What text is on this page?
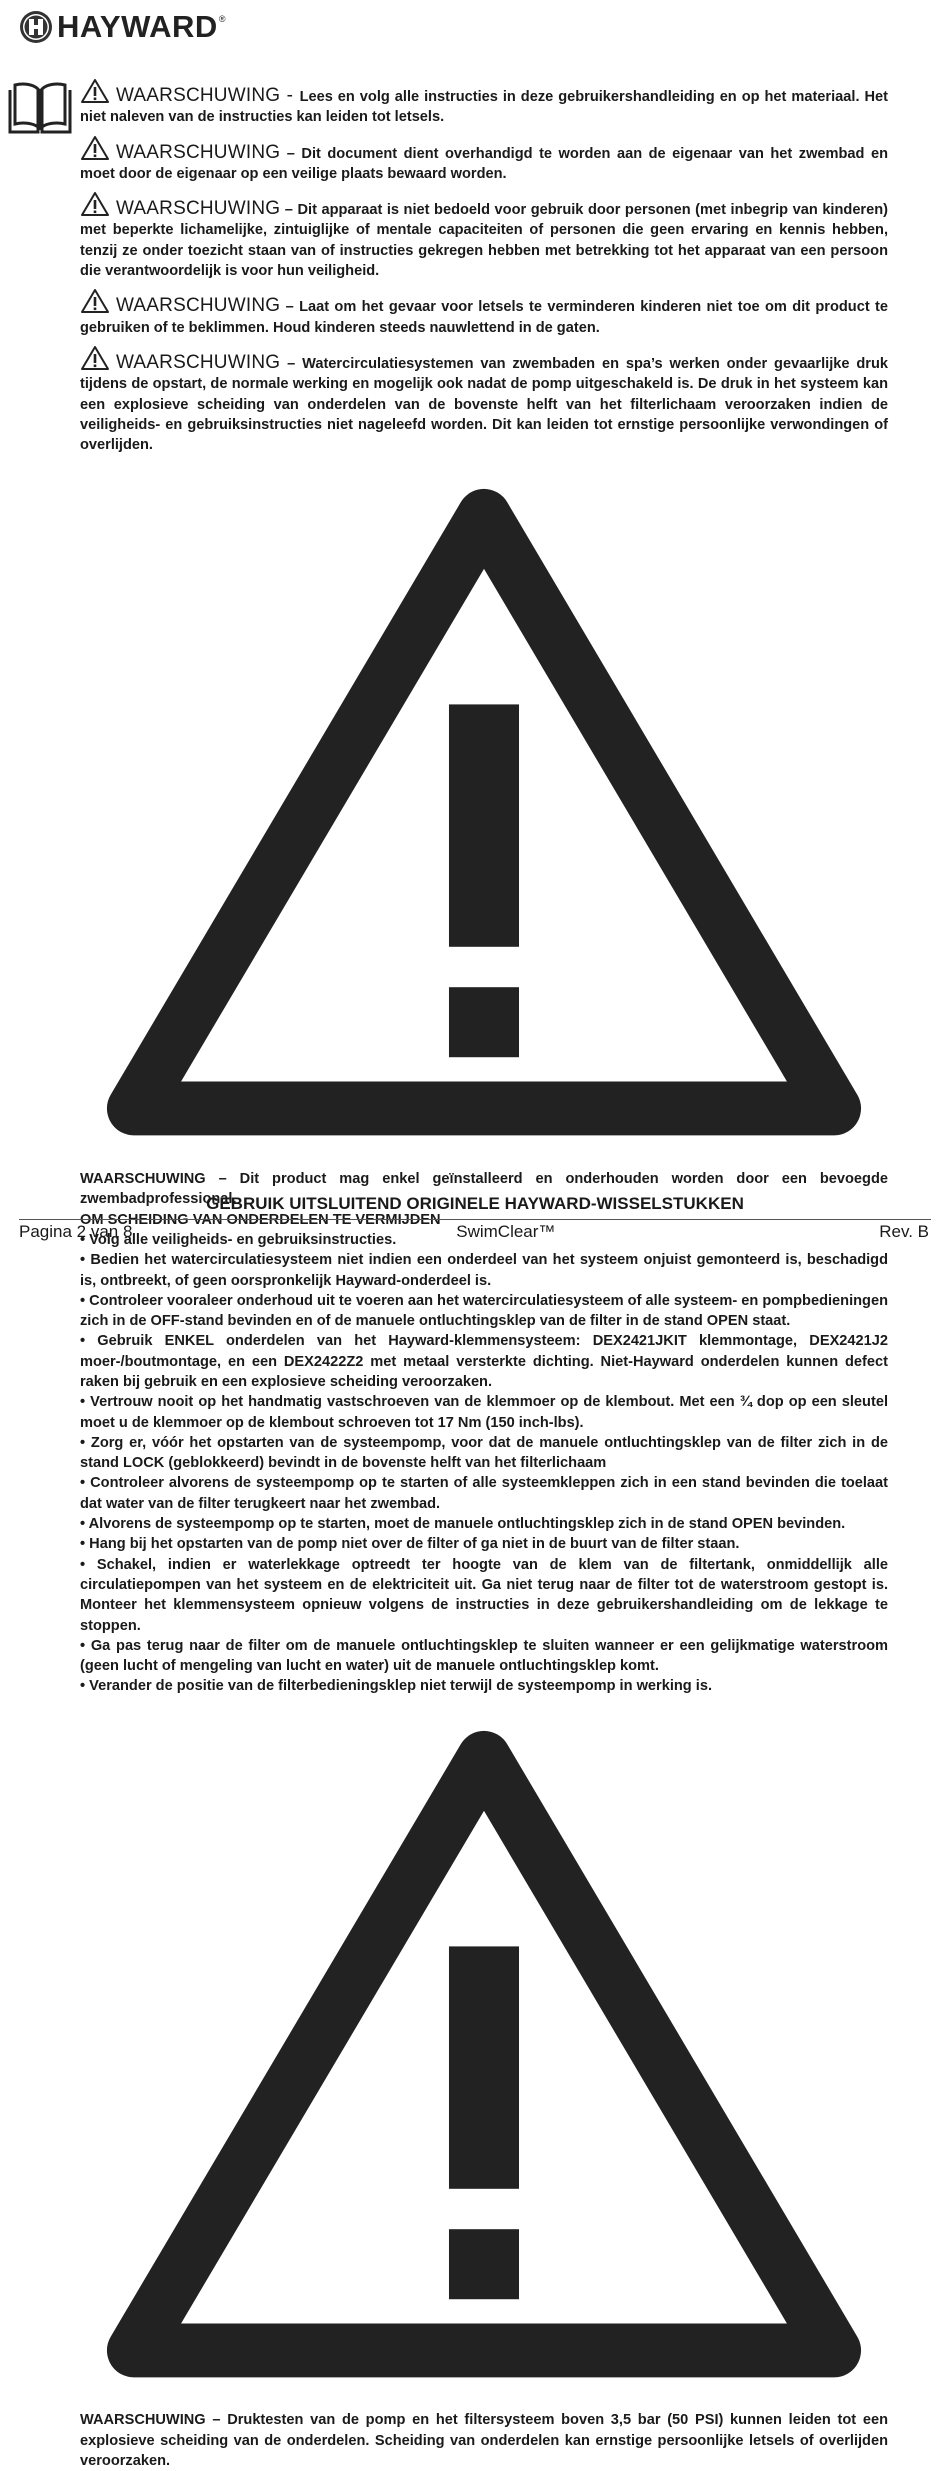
HAYWARD ®

WAARSCHUWING - Lees en volg alle instructies in deze gebruikershandleiding en op het materiaal. Het niet naleven van de instructies kan leiden tot letsels.

WAARSCHUWING – Dit document dient overhandigd te worden aan de eigenaar van het zwembad en moet door de eigenaar op een veilige plaats bewaard worden.

WAARSCHUWING – Dit apparaat is niet bedoeld voor gebruik door personen (met inbegrip van kinderen) met beperkte lichamelijke, zintuiglijke of mentale capaciteiten of personen die geen ervaring en kennis hebben, tenzij ze onder toezicht staan van of instructies gekregen hebben met betrekking tot het apparaat van een persoon die verantwoordelijk is voor hun veiligheid.

WAARSCHUWING – Laat om het gevaar voor letsels te verminderen kinderen niet toe om dit product te gebruiken of te beklimmen. Houd kinderen steeds nauwlettend in de gaten.

WAARSCHUWING – Watercirculatiesystemen van zwembaden en spa’s werken onder gevaarlijke druk tijdens de opstart, de normale werking en mogelijk ook nadat de pomp uitgeschakeld is. De druk in het systeem kan een explosieve scheiding van onderdelen van de bovenste helft van het filterlichaam veroorzaken indien de veiligheids- en gebruiksinstructies niet nageleefd worden. Dit kan leiden tot ernstige persoonlijke verwondingen of overlijden.

WAARSCHUWING – Dit product mag enkel geïnstalleerd en onderhouden worden door een bevoegde zwembadprofessional.

OM SCHEIDING VAN ONDERDELEN TE VERMIJDEN

• Volg alle veiligheids- en gebruiksinstructies.

• Bedien het watercirculatiesysteem niet indien een onderdeel van het systeem onjuist gemonteerd is, beschadigd is, ontbreekt, of geen oorspronkelijk Hayward-onderdeel is.

• Controleer vooraleer onderhoud uit te voeren aan het watercirculatiesysteem of alle systeem- en pompbedieningen zich in de OFF-stand bevinden en of de manuele ontluchtingsklep van de filter in de stand OPEN staat.

• Gebruik ENKEL onderdelen van het Hayward-klemmensysteem: DEX2421JKIT klemmontage, DEX2421J2 moer-/boutmontage, en een DEX2422Z2 met metaal versterkte dichting. Niet-Hayward onderdelen kunnen defect raken bij gebruik en een explosieve scheiding veroorzaken.

• Vertrouw nooit op het handmatig vastschroeven van de klemmoer op de klembout. Met een ¾ dop op een sleutel moet u de klemmoer op de klembout schroeven tot 17 Nm (150 inch-lbs).

• Zorg er, vóór het opstarten van de systeempomp, voor dat de manuele ontluchtingsklep van de filter zich in de stand LOCK (geblokkeerd) bevindt in de bovenste helft van het filterlichaam

• Controleer alvorens de systeempomp op te starten of alle systeemkleppen zich in een stand bevinden die toelaat dat water van de filter terugkeert naar het zwembad.

• Alvorens de systeempomp op te starten, moet de manuele ontluchtingsklep zich in de stand OPEN bevinden.

• Hang bij het opstarten van de pomp niet over de filter of ga niet in de buurt van de filter staan.

• Schakel, indien er waterlekkage optreedt ter hoogte van de klem van de filtertank, onmiddellijk alle circulatiepompen van het systeem en de elektriciteit uit. Ga niet terug naar de filter tot de waterstroom gestopt is. Monteer het klemmensysteem opnieuw volgens de instructies in deze gebruikershandleiding om de lekkage te stoppen.

• Ga pas terug naar de filter om de manuele ontluchtingsklep te sluiten wanneer er een gelijkmatige waterstroom (geen lucht of mengeling van lucht en water) uit de manuele ontluchtingsklep komt.

• Verander de positie van de filterbedieningsklep niet terwijl de systeempomp in werking is.

WAARSCHUWING – Druktesten van de pomp en het filtersysteem boven 3,5 bar (50 PSI) kunnen leiden tot een explosieve scheiding van de onderdelen. Scheiding van onderdelen kan ernstige persoonlijke letsels of overlijden veroorzaken.

GEBRUIK UITSLUITEND ORIGINELE HAYWARD-WISSELSTUKKEN
Pagina 2 van 8	SwimClear™	Rev. B
